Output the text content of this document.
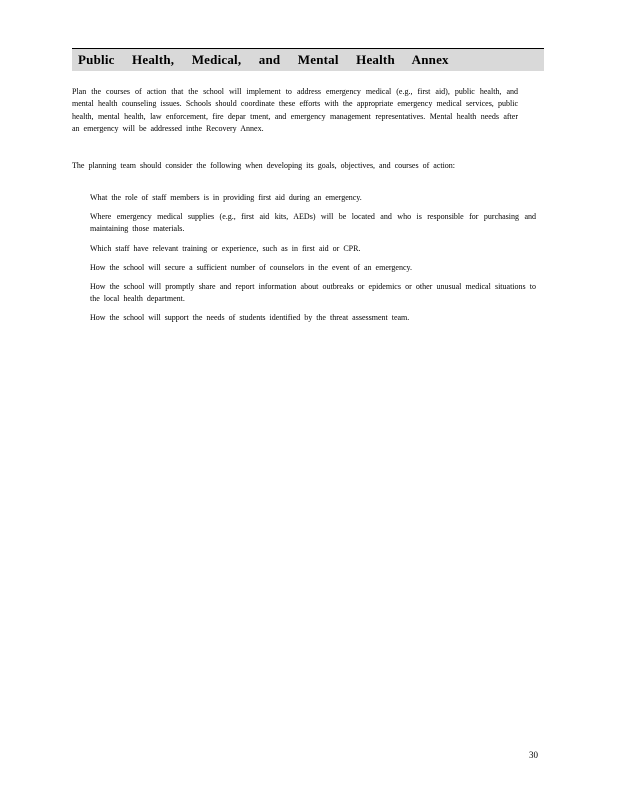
Public Health, Medical, and Mental Health Annex

Plan the courses of action that the school will implement to address emergency medical (e.g., first aid), public health, and mental health counseling issues. Schools should coordinate these efforts with the appropriate emergency medical services, public health, mental health, law enforcement, fire depar tment, and emergency management representatives. Mental health needs after an emergency will be addressed inthe Recovery Annex.

The planning team should consider the following when developing its goals, objectives, and courses of action:

What the role of staff members is in providing first aid during an emergency.
Where emergency medical supplies (e.g., first aid kits, AEDs) will be located and who is responsible for purchasing and maintaining those materials.
Which staff have relevant training or experience, such as in first aid or CPR.
How the school will secure a sufficient number of counselors in the event of an emergency.
How the school will promptly share and report information about outbreaks or epidemics or other unusual medical situations to the local health department.
How the school will support the needs of students identified by the threat assessment team.
30
